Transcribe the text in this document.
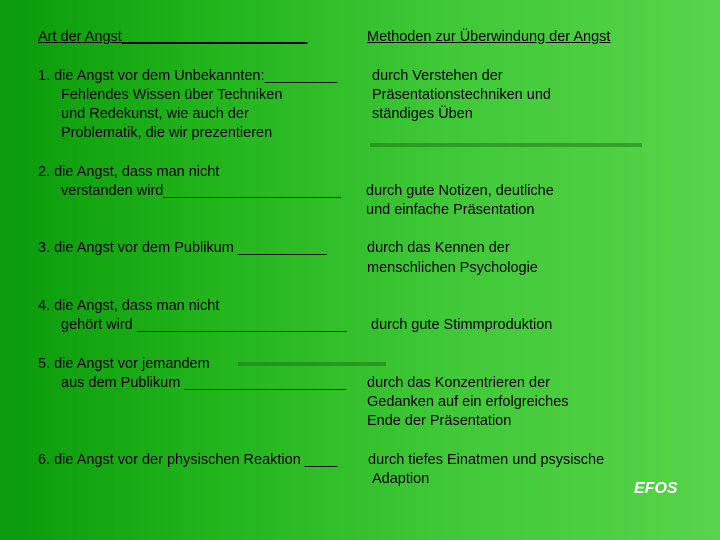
Art der Angst_______________________	Methoden zur Überwindung der Angst
1. die Angst vor dem Unbekannten:_________
Fehlendes Wissen über Techniken
und Redekunst, wie auch der
Problematik, die wir prezentieren
durch Verstehen der
Präsentationstechniken und
ständiges Üben
2. die Angst, dass man nicht
verstanden wird______________________ durch gute Notizen, deutliche
und einfache Präsentation
3. die Angst vor dem Publikum ___________	durch das Kennen der
menschlichen Psychologie
4. die Angst, dass man nicht
gehört wird __________________________ durch gute Stimmproduktion
5. die Angst vor jemandem
aus dem Publikum ____________________ durch das Konzentrieren der
Gedanken auf ein erfolgreiches
Ende der Präsentation
6. die Angst vor der physischen Reaktion ____ durch tiefes Einatmen und psysische
Adaption
EFOS
